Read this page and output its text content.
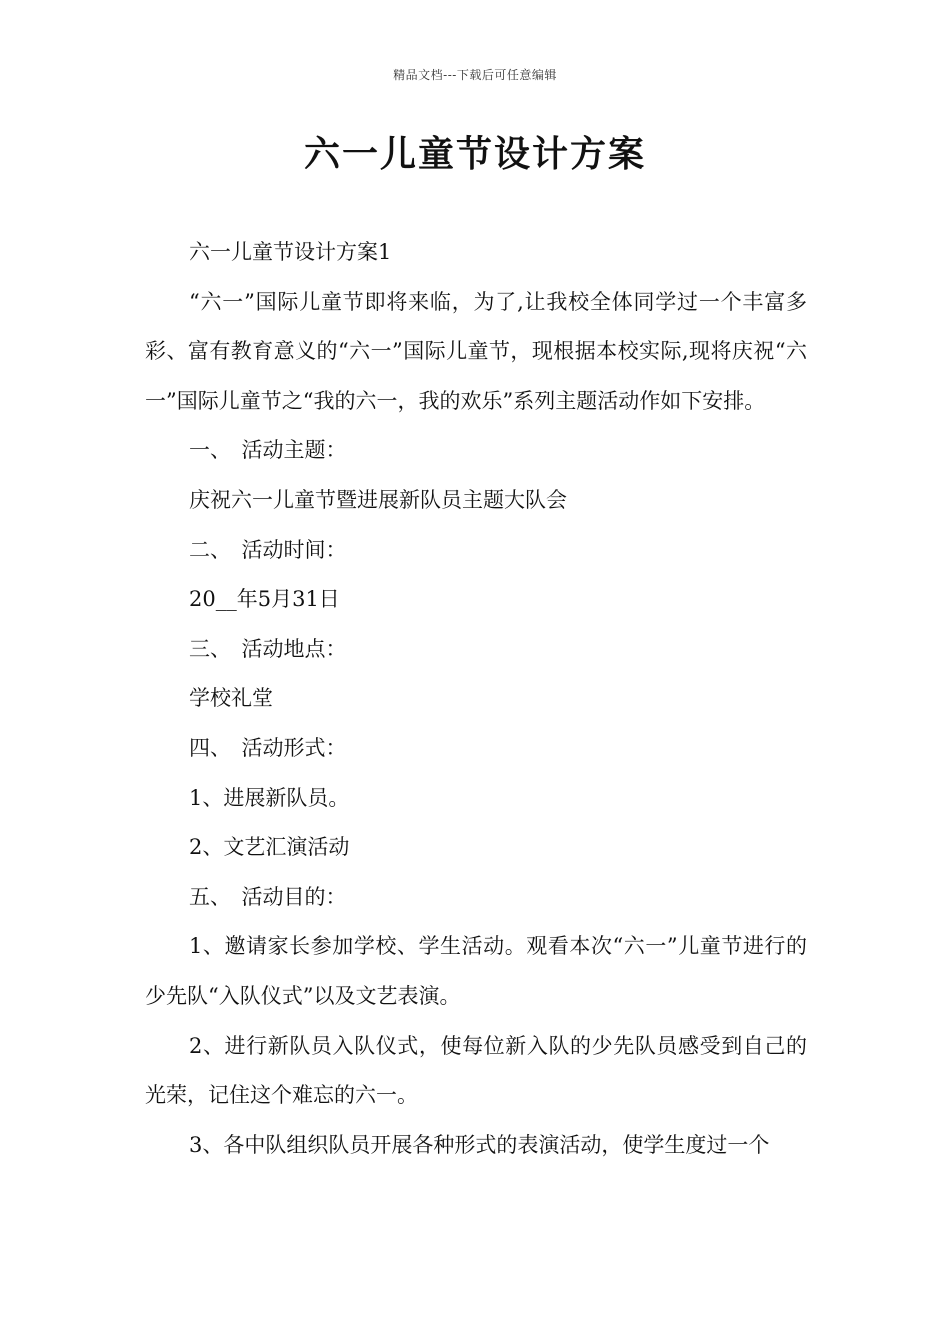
精品文档---下载后可任意编辑
六一儿童节设计方案

六一儿童节设计方案1

“六一”国际儿童节即将来临，为了,让我校全体同学过一个丰富多彩、富有教育意义的“六一”国际儿童节，现根据本校实际,现将庆祝“六一”国际儿童节之“我的六一，我的欢乐”系列主题活动作如下安排。

一、　活动主题：

庆祝六一儿童节暨进展新队员主题大队会

二、　活动时间：

20__年5月31日

三、　活动地点：

学校礼堂

四、　活动形式：

1、进展新队员。

2、文艺汇演活动

五、　活动目的：

1、邀请家长参加学校、学生活动。观看本次“六一”儿童节进行的少先队“入队仪式”以及文艺表演。

2、进行新队员入队仪式，使每位新入队的少先队员感受到自己的光荣，记住这个难忘的六一。

3、各中队组织队员开展各种形式的表演活动，使学生度过一个
